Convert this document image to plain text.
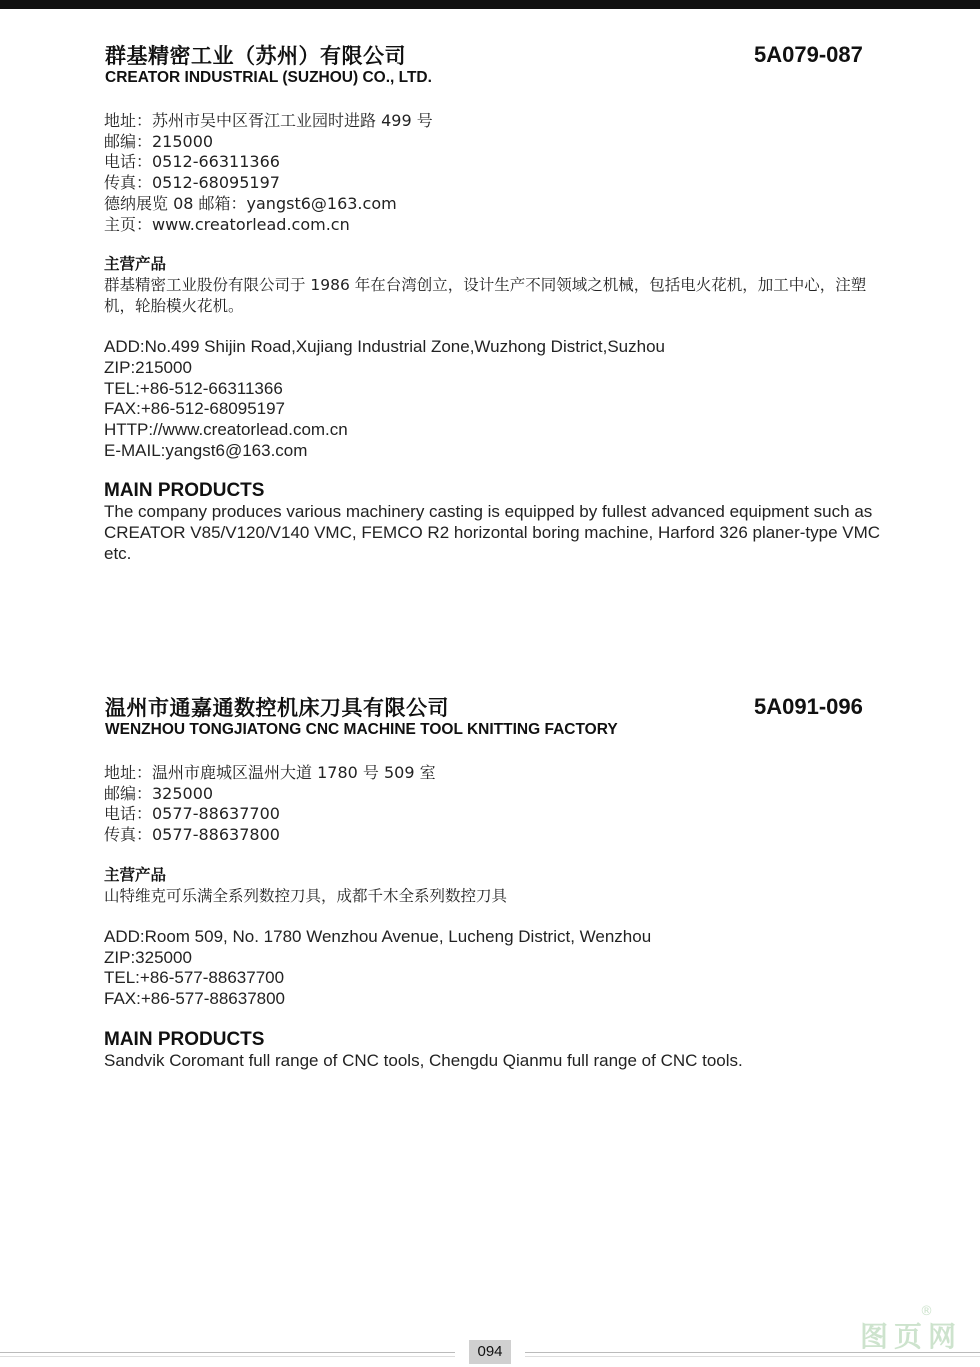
群基精密工业（苏州）有限公司
CREATOR INDUSTRIAL (SUZHOU) CO., LTD.
5A079-087
地址：苏州市吴中区胥江工业园时进路 499 号
邮编：215000
电话：0512-66311366
传真：0512-68095197
德纳展览 08 邮箱：yangst6@163.com
主页：www.creatorlead.com.cn
主营产品
群基精密工业股份有限公司于 1986 年在台湾创立，设计生产不同领域之机械，包括电火花机，加工中心，注塑机，轮胎模火花机。
ADD:No.499 Shijin Road,Xujiang Industrial Zone,Wuzhong District,Suzhou
ZIP:215000
TEL:+86-512-66311366
FAX:+86-512-68095197
HTTP://www.creatorlead.com.cn
E-MAIL:yangst6@163.com
MAIN PRODUCTS
The company produces various machinery casting is equipped by fullest advanced equipment such as CREATOR V85/V120/V140 VMC, FEMCO R2 horizontal boring machine, Harford 326 planer-type VMC etc.
温州市通嘉通数控机床刀具有限公司
WENZHOU TONGJIATONG CNC MACHINE TOOL KNITTING FACTORY
5A091-096
地址：温州市鹿城区温州大道 1780 号 509 室
邮编：325000
电话：0577-88637700
传真：0577-88637800
主营产品
山特维克可乐满全系列数控刀具，成都千木全系列数控刀具
ADD:Room 509, No. 1780 Wenzhou Avenue, Lucheng District, Wenzhou
ZIP:325000
TEL:+86-577-88637700
FAX:+86-577-88637800
MAIN PRODUCTS
Sandvik Coromant full range of CNC tools, Chengdu Qianmu full range of CNC tools.
094	图页网
®
